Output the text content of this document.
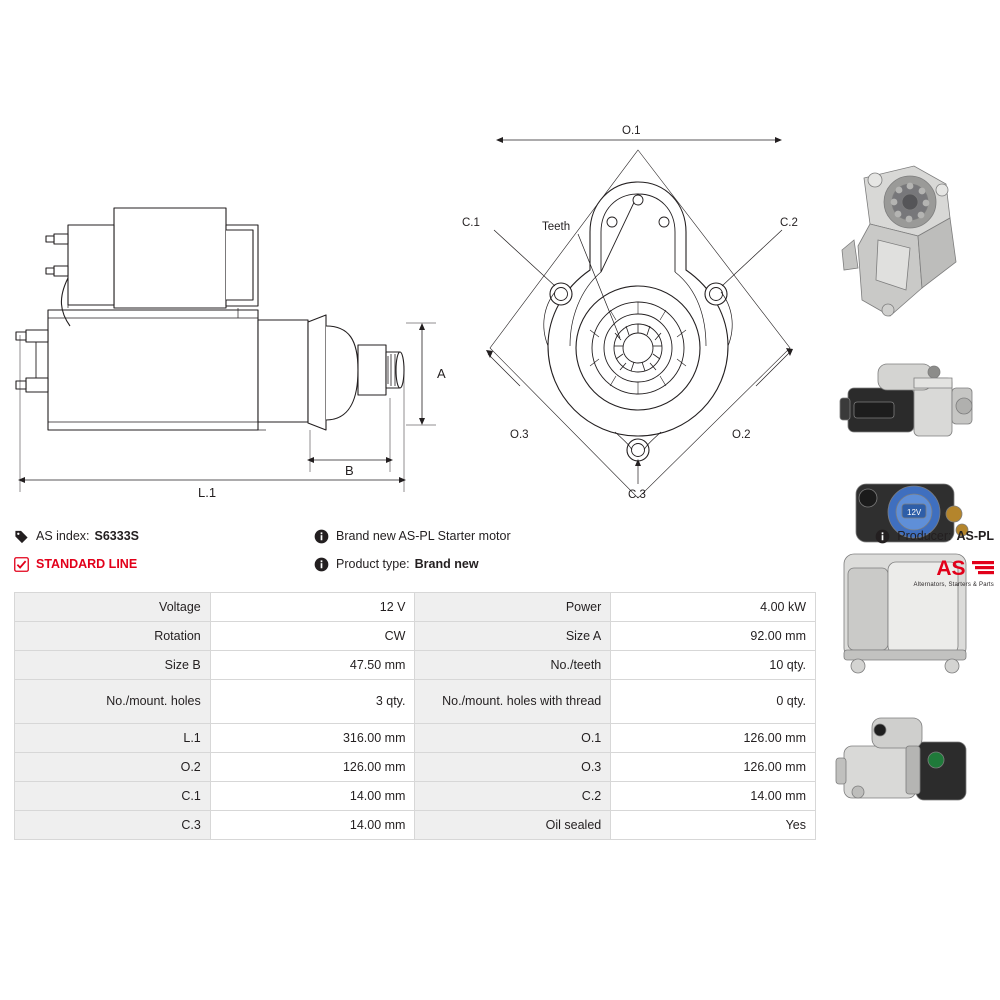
A
B
L.1
O.1
O.2
O.3
C.1	C.2
C.3
Teeth
12V
AS index: S6333S
STANDARD LINE
Brand new AS-PL Starter motor
Product type: Brand new
Producer: AS-PL
AS
Alternators, Starters & Parts
Voltage	12 V	Power	4.00 kW

Rotation	CW	Size A	92.00 mm

Size B	47.50 mm	No./teeth	10 qty.

No./mount. holes	3 qty.	No./mount. holes with thread	0 qty.

L.1	316.00 mm	O.1	126.00 mm

O.2	126.00 mm	O.3	126.00 mm

C.1	14.00 mm	C.2	14.00 mm

C.3	14.00 mm	Oil sealed	Yes
